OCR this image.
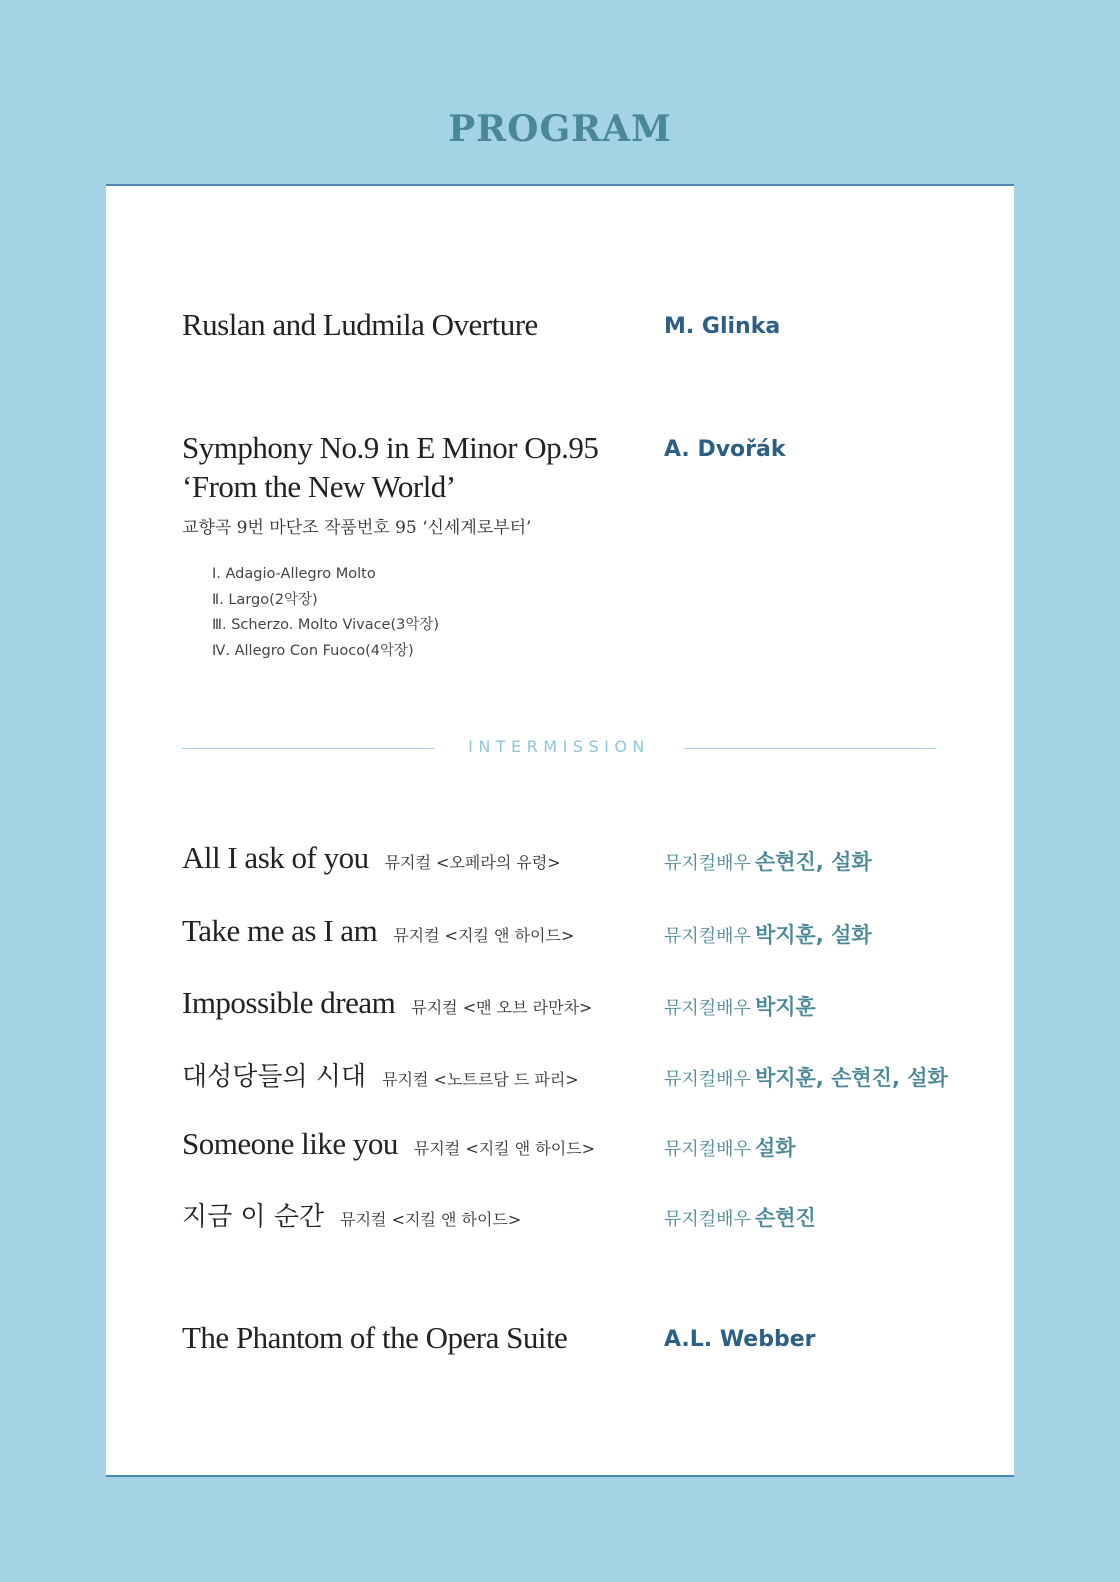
PROGRAM
Ruslan and Ludmila Overture	M. Glinka
Symphony No.9 in E Minor Op.95
‘From the New World’
A. Dvořák
교향곡 9번 마단조 작품번호 95 ‘신세계로부터’
Ⅰ. Adagio-Allegro Molto
Ⅱ. Largo(2악장)
Ⅲ. Scherzo. Molto Vivace(3악장)
Ⅳ. Allegro Con Fuoco(4악장)
INTERMISSION
All I ask of you 뮤지컬 <오페라의 유령>	뮤지컬배우 손현진, 설화
Take me as I am 뮤지컬 <지킬 앤 하이드>	뮤지컬배우 박지훈, 설화
Impossible dream 뮤지컬 <맨 오브 라만차>	뮤지컬배우 박지훈
대성당들의 시대 뮤지컬 <노트르담 드 파리>	뮤지컬배우 박지훈, 손현진, 설화
Someone like you 뮤지컬 <지킬 앤 하이드>	뮤지컬배우 설화
지금 이 순간 뮤지컬 <지킬 앤 하이드>	뮤지컬배우 손현진
The Phantom of the Opera Suite	A.L. Webber
